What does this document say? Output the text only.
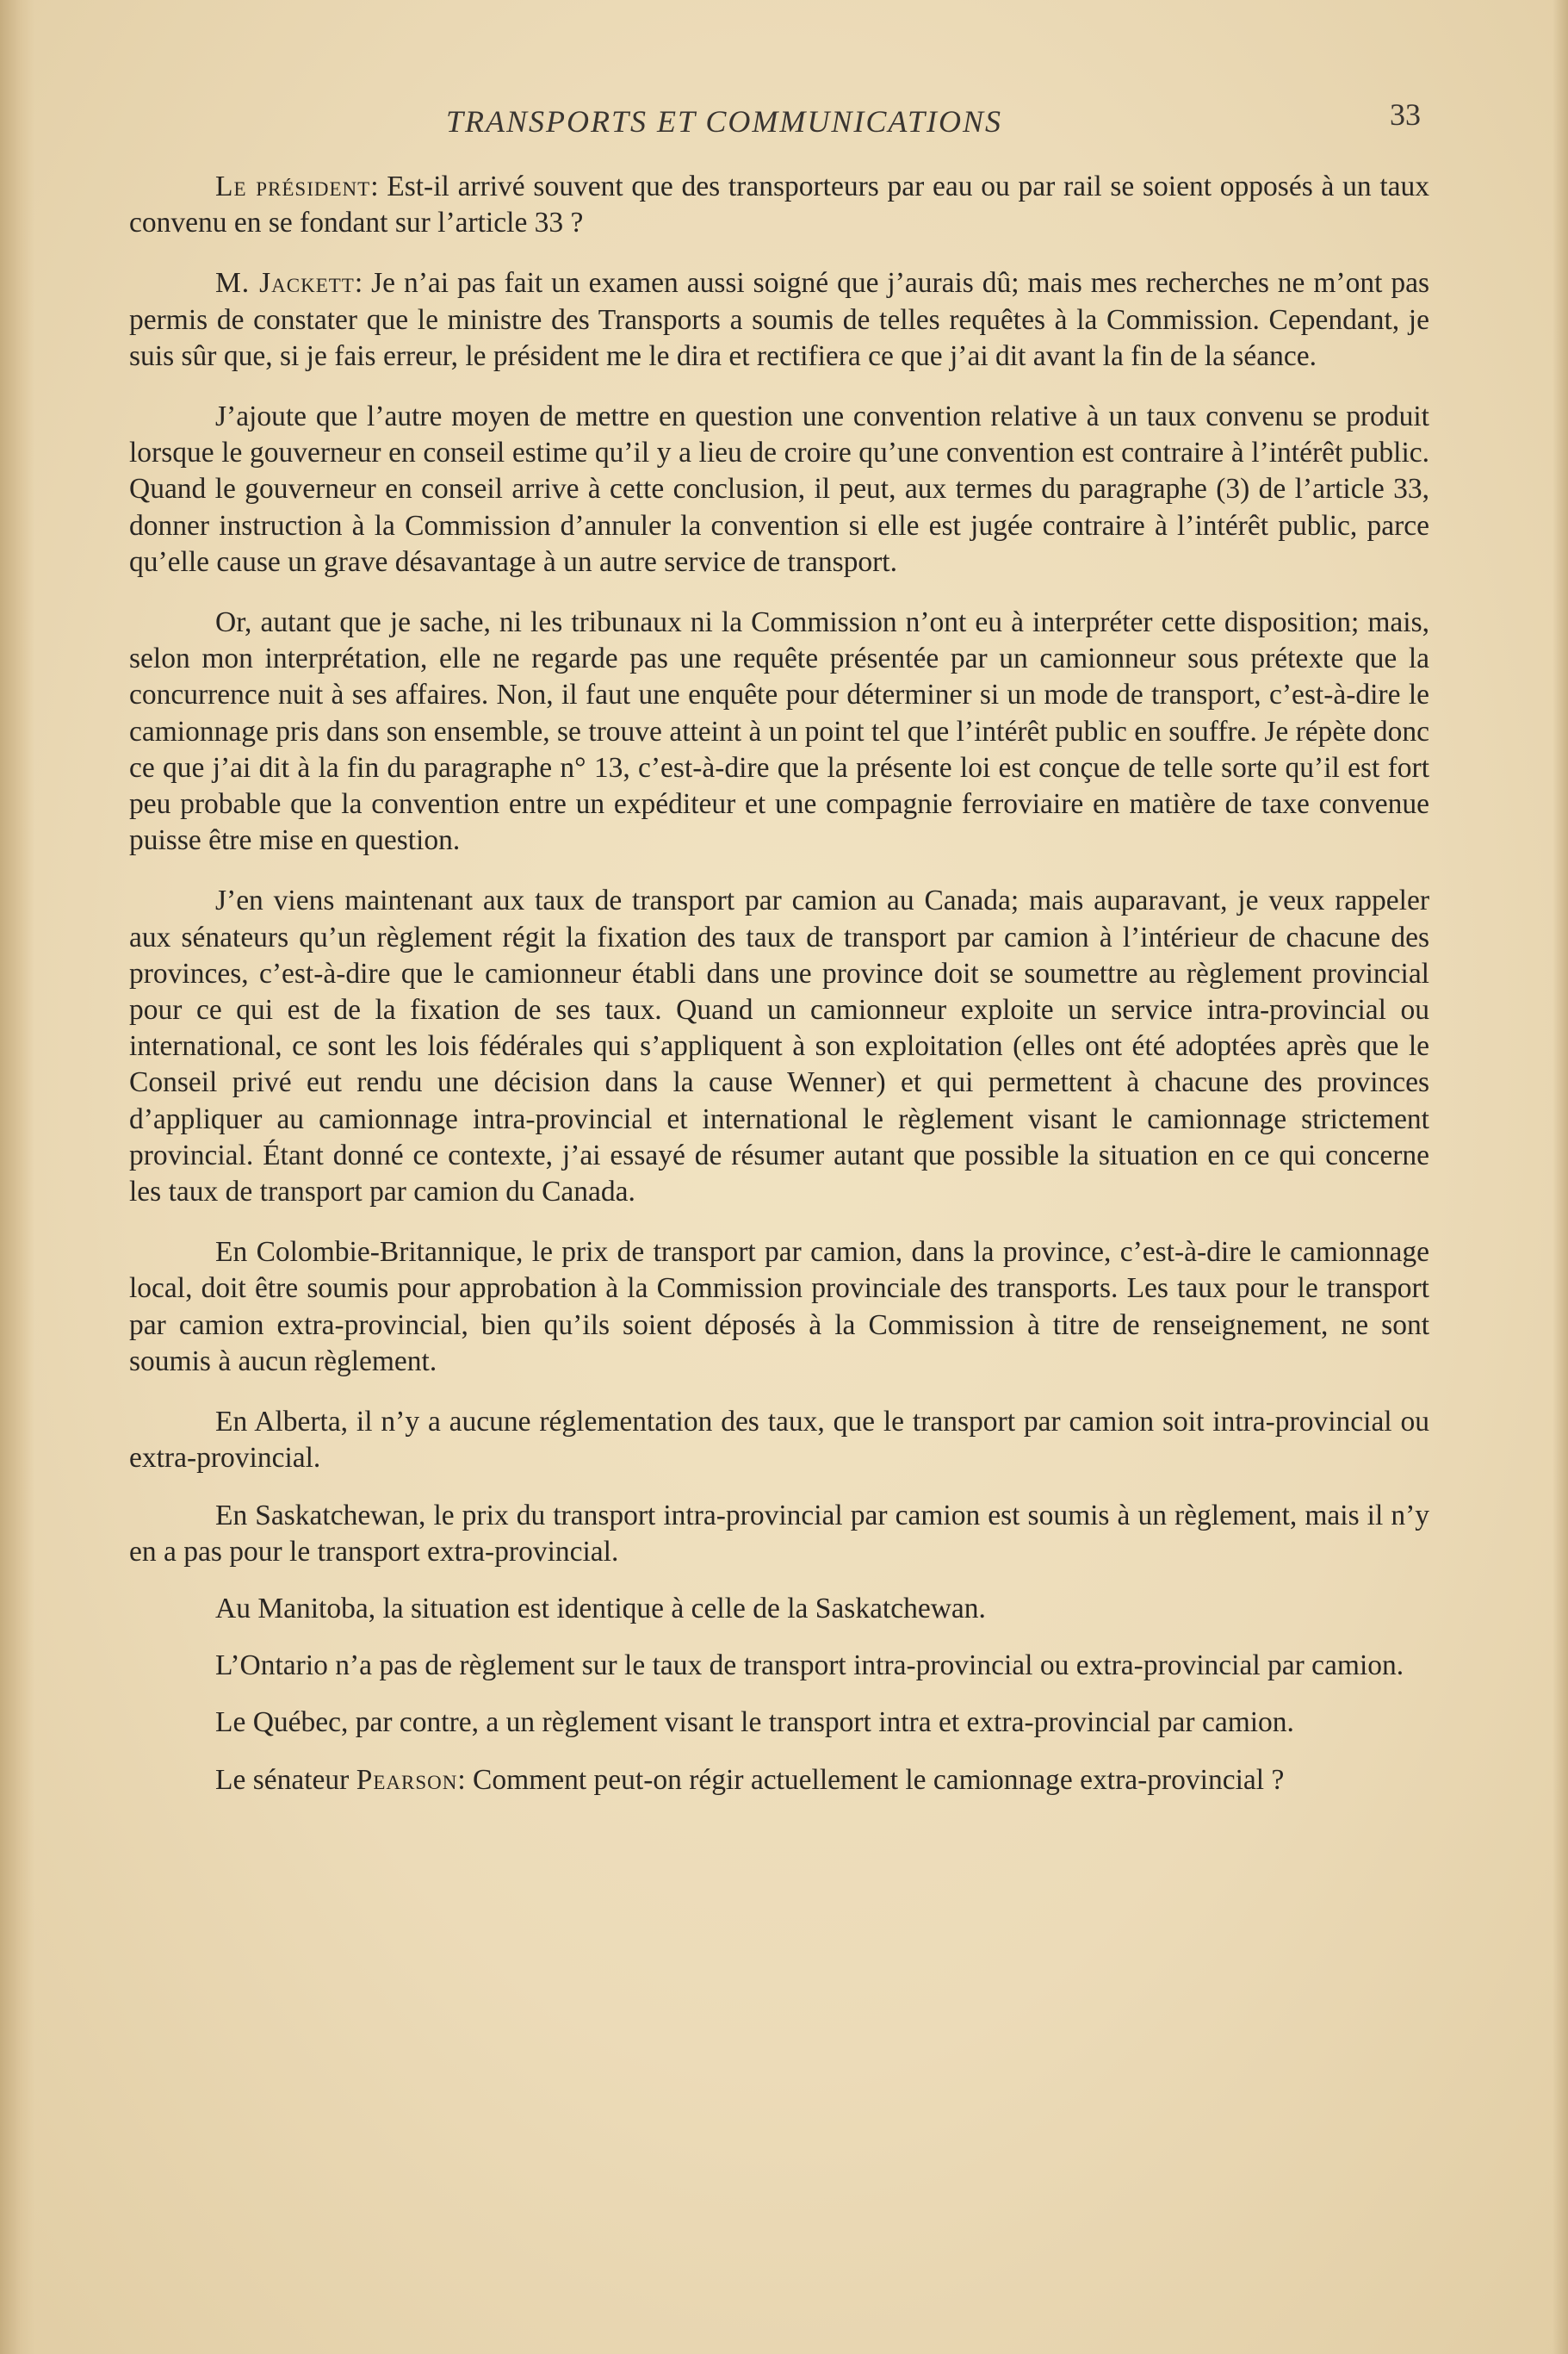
TRANSPORTS ET COMMUNICATIONS	33

Le président: Est-il arrivé souvent que des transporteurs par eau ou par rail se soient opposés à un taux convenu en se fondant sur l’article 33 ?

M. Jackett: Je n’ai pas fait un examen aussi soigné que j’aurais dû; mais mes recherches ne m’ont pas permis de constater que le ministre des Transports a soumis de telles requêtes à la Commission. Cependant, je suis sûr que, si je fais erreur, le président me le dira et rectifiera ce que j’ai dit avant la fin de la séance.

J’ajoute que l’autre moyen de mettre en question une convention relative à un taux convenu se produit lorsque le gouverneur en conseil estime qu’il y a lieu de croire qu’une convention est contraire à l’intérêt public. Quand le gouverneur en conseil arrive à cette conclusion, il peut, aux termes du paragraphe (3) de l’article 33, donner instruction à la Commission d’annuler la convention si elle est jugée contraire à l’intérêt public, parce qu’elle cause un grave désavantage à un autre service de transport.

Or, autant que je sache, ni les tribunaux ni la Commission n’ont eu à interpréter cette disposition; mais, selon mon interprétation, elle ne regarde pas une requête présentée par un camionneur sous prétexte que la concurrence nuit à ses affaires. Non, il faut une enquête pour déterminer si un mode de transport, c’est-à-dire le camionnage pris dans son ensemble, se trouve atteint à un point tel que l’intérêt public en souffre. Je répète donc ce que j’ai dit à la fin du paragraphe n° 13, c’est-à-dire que la présente loi est conçue de telle sorte qu’il est fort peu probable que la convention entre un expéditeur et une compagnie ferroviaire en matière de taxe convenue puisse être mise en question.

J’en viens maintenant aux taux de transport par camion au Canada; mais auparavant, je veux rappeler aux sénateurs qu’un règlement régit la fixation des taux de transport par camion à l’intérieur de chacune des provinces, c’est-à-dire que le camionneur établi dans une province doit se soumettre au règlement provincial pour ce qui est de la fixation de ses taux. Quand un camionneur exploite un service intra-provincial ou international, ce sont les lois fédérales qui s’appliquent à son exploitation (elles ont été adoptées après que le Conseil privé eut rendu une décision dans la cause Wenner) et qui permettent à chacune des provinces d’appliquer au camionnage intra-provincial et international le règlement visant le camionnage strictement provincial. Étant donné ce contexte, j’ai essayé de résumer autant que possible la situation en ce qui concerne les taux de transport par camion du Canada.

En Colombie-Britannique, le prix de transport par camion, dans la province, c’est-à-dire le camionnage local, doit être soumis pour approbation à la Commission provinciale des transports. Les taux pour le transport par camion extra-provincial, bien qu’ils soient déposés à la Commission à titre de renseignement, ne sont soumis à aucun règlement.

En Alberta, il n’y a aucune réglementation des taux, que le transport par camion soit intra-provincial ou extra-provincial.

En Saskatchewan, le prix du transport intra-provincial par camion est soumis à un règlement, mais il n’y en a pas pour le transport extra-provincial.

Au Manitoba, la situation est identique à celle de la Saskatchewan.

L’Ontario n’a pas de règlement sur le taux de transport intra-provincial ou extra-provincial par camion.

Le Québec, par contre, a un règlement visant le transport intra et extra-provincial par camion.

Le sénateur Pearson: Comment peut-on régir actuellement le camionnage extra-provincial ?
